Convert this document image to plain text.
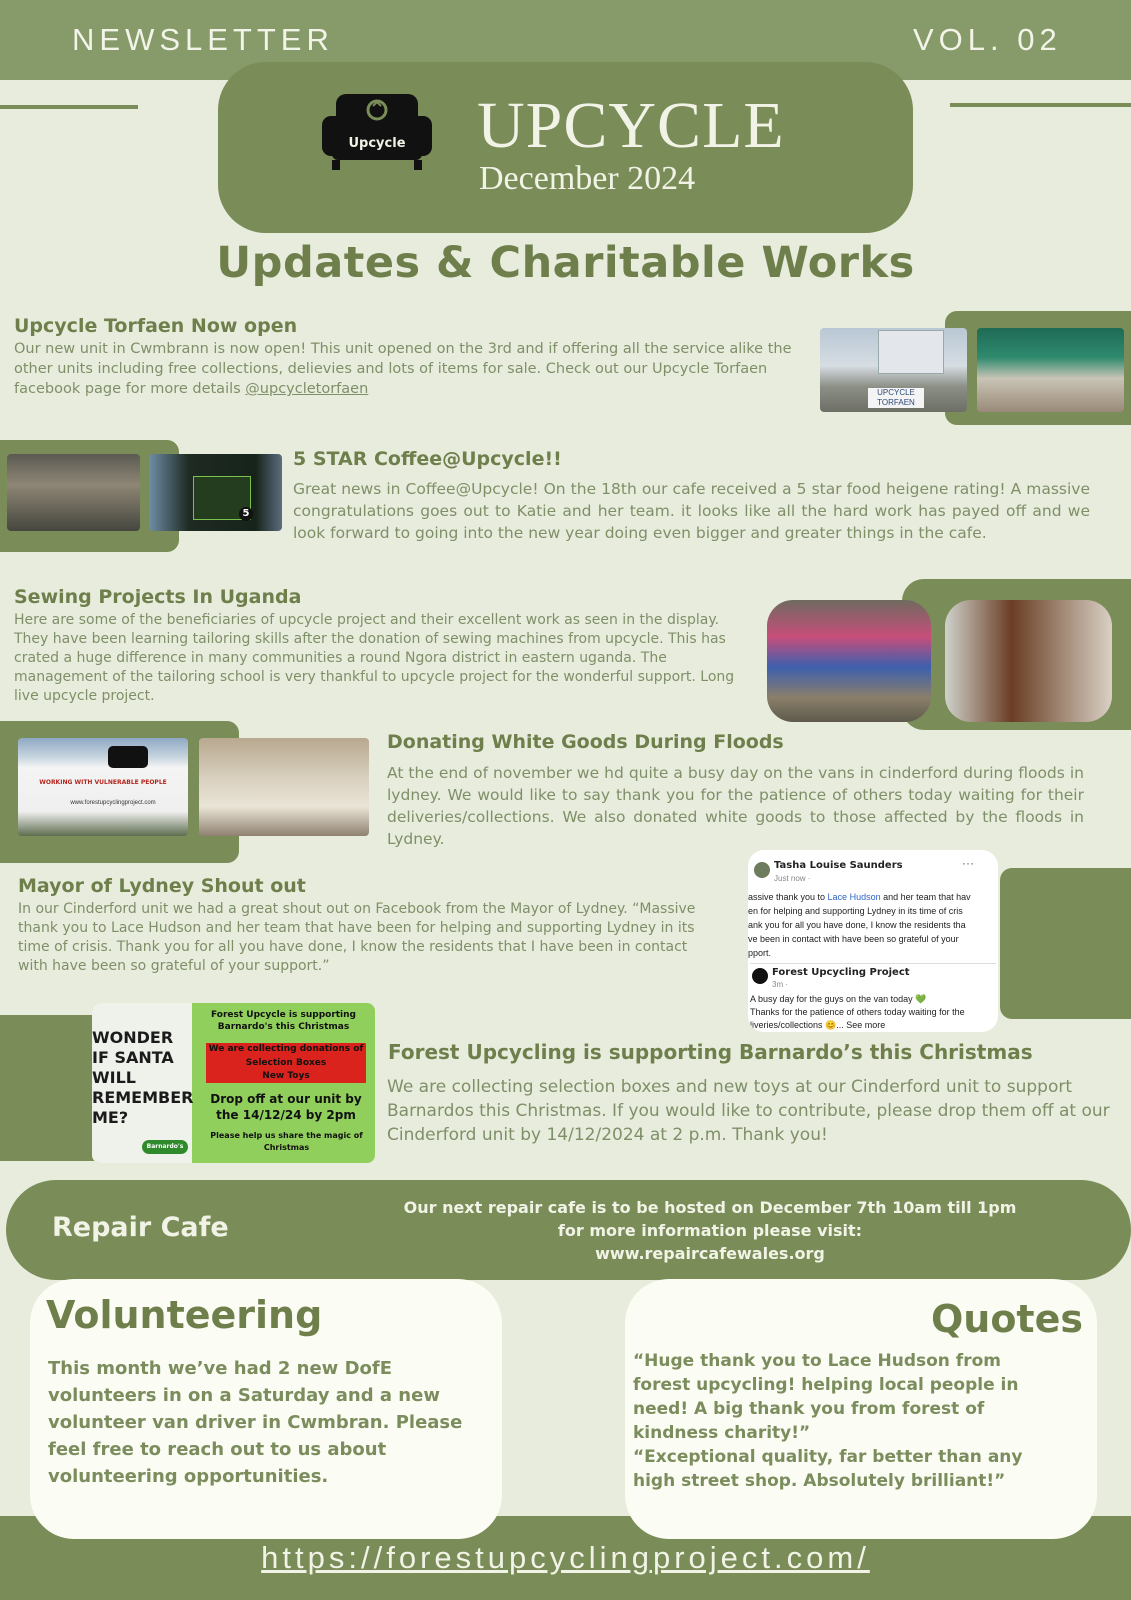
NEWSLETTER	VOL. 02
Upcycle UPCYCLE
December 2024
Updates & Charitable Works
Upcycle Torfaen Now open
Our new unit in Cwmbrann is now open! This unit opened on the 3rd and if offering all the service alike the other units including free collections, delievies and lots of items for sale. Check out our Upcycle Torfaen facebook page for more details @upcycletorfaen	UPCYCLE TORFAEN
5
5 STAR Coffee@Upcycle!!
Great news in Coffee@Upcycle! On the 18th our cafe received a 5 star food heigene rating! A massive congratulations goes out to Katie and her team. it looks like all the hard work has payed off and we look forward to going into the new year doing even bigger and greater things in the cafe.
Sewing Projects In Uganda
Here are some of the beneficiaries of upcycle project and their excellent work as seen in the display. They have been learning tailoring skills after the donation of sewing machines from upcycle. This has crated a huge difference in many communities a round Ngora district in eastern uganda. The management of the tailoring school is very thankful to upcycle project for the wonderful support. Long live upcycle project.
WORKING WITH VULNERABLE PEOPLE
www.forestupcyclingproject.com
Donating White Goods During Floods
At the end of november we hd quite a busy day on the vans in cinderford during floods in lydney. We would like to say thank you for the patience of others today waiting for their deliveries/collections. We also donated white goods to those affected by the floods in Lydney.
Mayor of Lydney Shout out
In our Cinderford unit we had a great shout out on Facebook from the Mayor of Lydney. “Massive thank you to Lace Hudson and her team that have been for helping and supporting Lydney in its time of crisis. Thank you for all you have done, I know the residents that I have been in contact with have been so grateful of your support.”
Tasha Louise Saunders
Just now ·
···
assive thank you to Lace Hudson and her team that hav
en for helping and supporting Lydney in its time of cris
ank you for all you have done, I know the residents tha
ve been in contact with have been so grateful of your
pport.
Forest Upcycling Project
3m ·
A busy day for the guys on the van today 💚
Thanks for the patience of others today waiting for the
liveries/collections 😊... See more
WONDER IF SANTA WILL REMEMBER ME?
Forest Upcycle is supporting Barnardo's this Christmas
We are collecting donations of
Selection Boxes
New Toys
Drop off at our unit by the 14/12/24 by 2pm
Please help us share the magic of Christmas
Barnardo's
Forest Upcycling is supporting Barnardo’s this Christmas
We are collecting selection boxes and new toys at our Cinderford unit to support Barnardos this Christmas. If you would like to contribute, please drop them off at our Cinderford unit by 14/12/2024 at 2 p.m. Thank you!
Repair Cafe
Our next repair cafe is to be hosted on December 7th 10am till 1pm
for more information please visit:
www.repaircafewales.org
Volunteering
This month we’ve had 2 new DofE volunteers in on a Saturday and a new volunteer van driver in Cwmbran. Please feel free to reach out to us about volunteering opportunities.
Quotes
“Huge thank you to Lace Hudson from forest upcycling! helping local people in need! A big thank you from forest of kindness charity!”
“Exceptional quality, far better than any high street shop. Absolutely brilliant!”
https://forestupcyclingproject.com/
